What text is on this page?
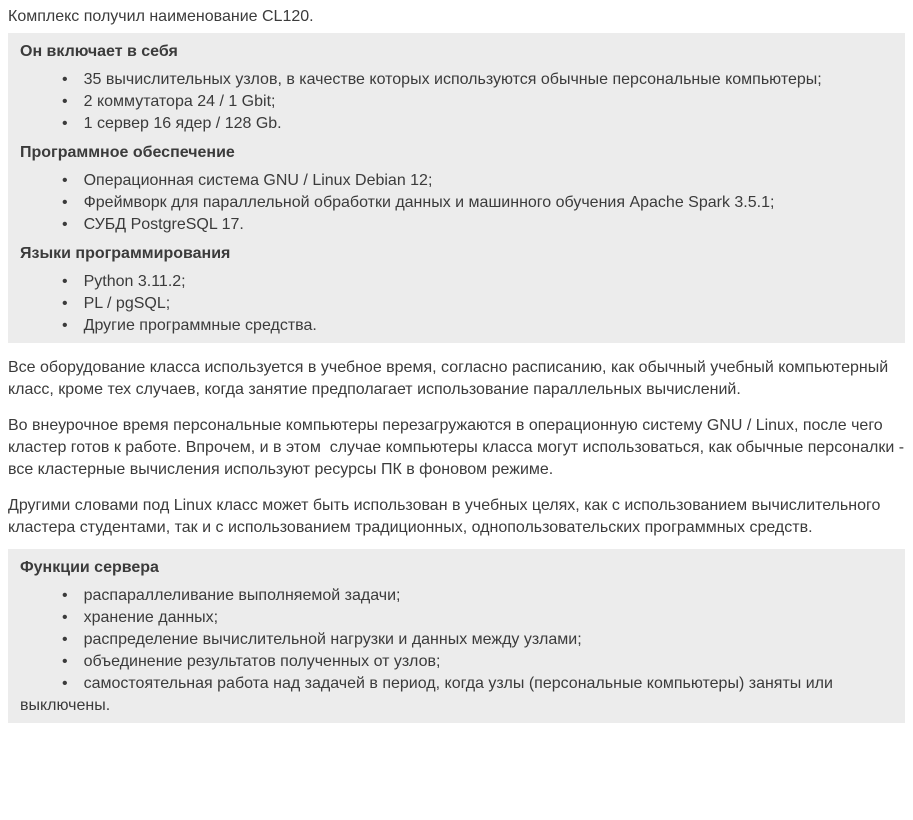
Комплекс получил наименование CL120.

Он включает в себя
• 35 вычислительных узлов, в качестве которых используются обычные персональные компьютеры;
• 2 коммутатора 24 / 1 Gbit;
• 1 сервер 16 ядер / 128 Gb.
Программное обеспечение
• Операционная система GNU / Linux Debian 12;
• Фреймворк для параллельной обработки данных и машинного обучения Apache Spark 3.5.1;
• СУБД PostgreSQL 17.
Языки программирования
• Python 3.11.2;
• PL / pgSQL;
• Другие программные средства.

Все оборудование класса используется в учебное время, согласно расписанию, как обычный учебный компьютерный класс, кроме тех случаев, когда занятие предполагает использование параллельных вычислений.

Во внеурочное время персональные компьютеры перезагружаются в операционную систему GNU / Linux, после чего кластер готов к работе. Впрочем, и в этом  случае компьютеры класса могут использоваться, как обычные персоналки - все кластерные вычисления используют ресурсы ПК в фоновом режиме.

Другими словами под Linux класс может быть использован в учебных целях, как с использованием вычислительного кластера студентами, так и с использованием традиционных, однопользовательских программных средств.

Функции сервера
• распараллеливание выполняемой задачи;
• хранение данных;
• распределение вычислительной нагрузки и данных между узлами;
• объединение результатов полученных от узлов;
• самостоятельная работа над задачей в период, когда узлы (персональные компьютеры) заняты или выключены.
